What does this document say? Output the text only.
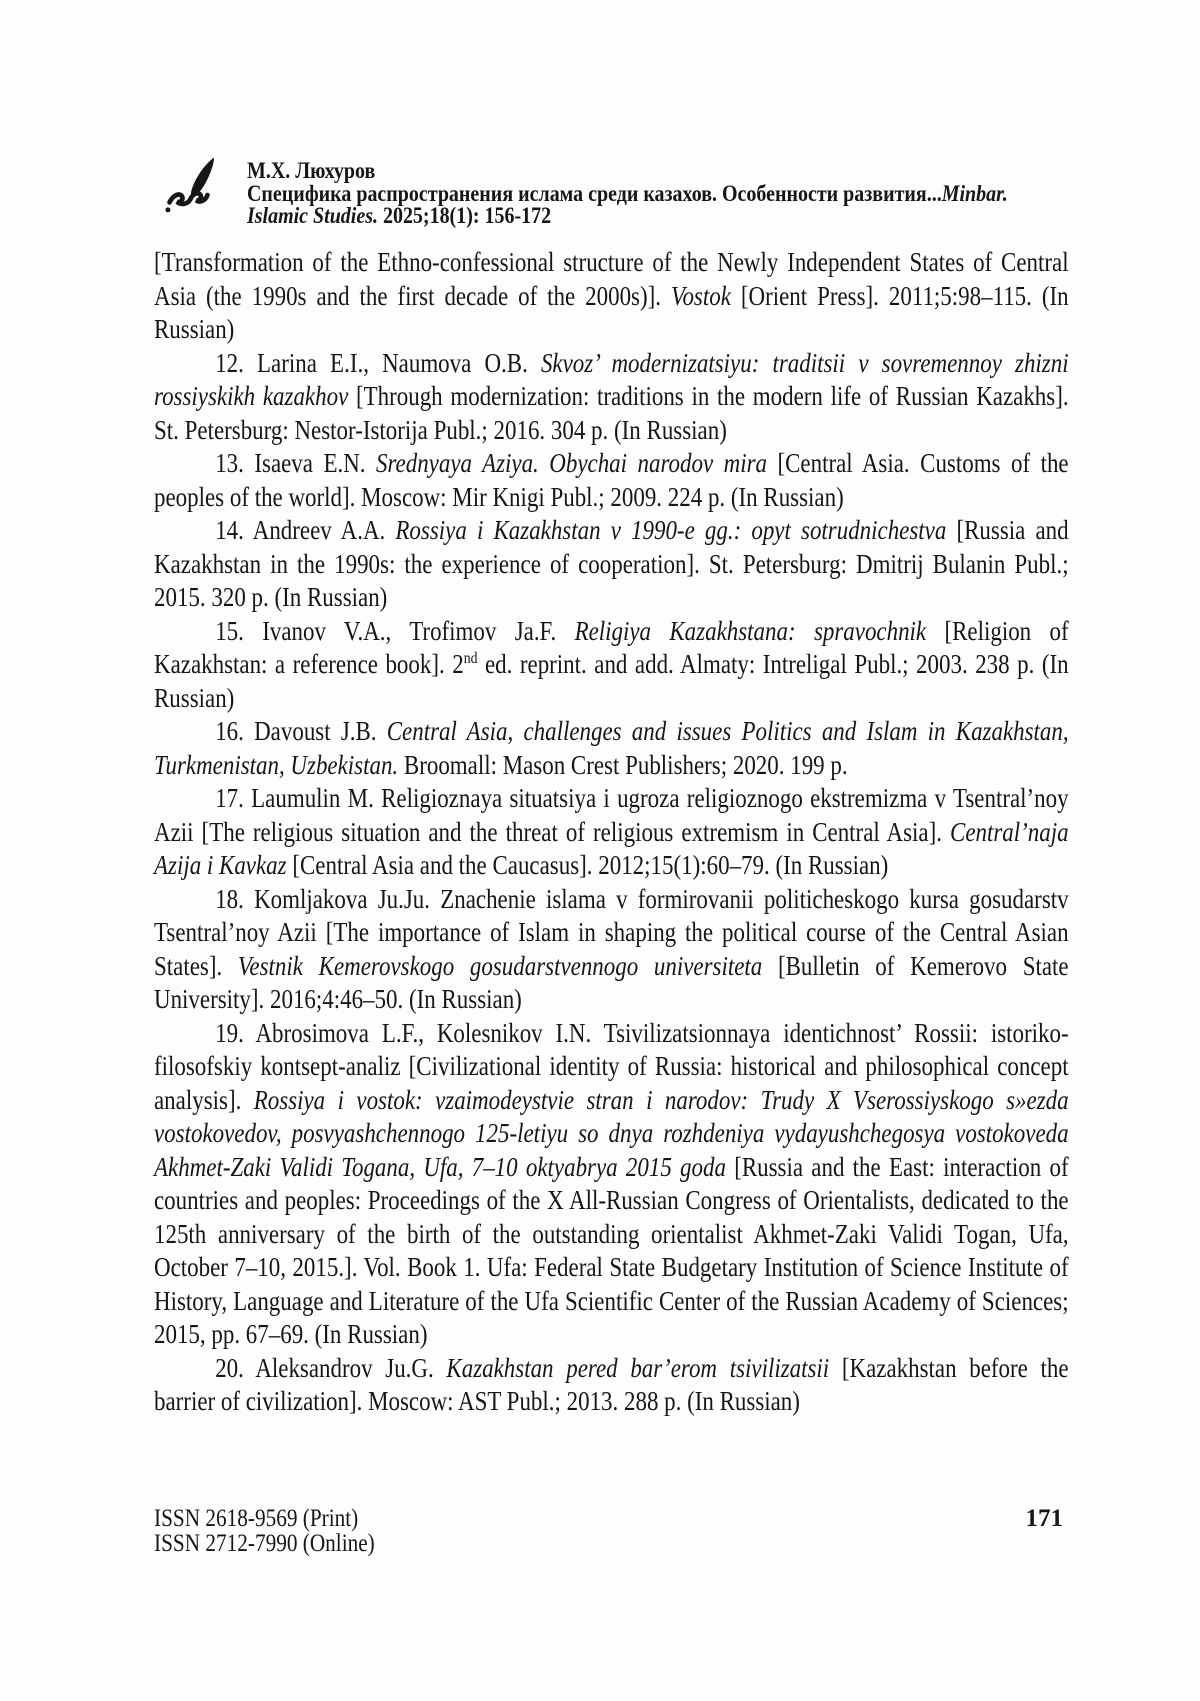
М.Х. Люхуров
Специфика распространения ислама среди казахов. Особенности развития...Minbar.
Islamic Studies. 2025;18(1): 156-172

[Transformation of the Ethno-confessional structure of the Newly Independent States of Central Asia (the 1990s and the first decade of the 2000s)]. Vostok [Orient Press]. 2011;5:98–115. (In Russian)

12. Larina E.I., Naumova O.B. Skvoz’ modernizatsiyu: traditsii v sovremennoy zhizni rossiyskikh kazakhov [Through modernization: traditions in the modern life of Russian Kazakhs]. St. Petersburg: Nestor-Istorija Publ.; 2016. 304 p. (In Russian)

13. Isaeva E.N. Srednyaya Aziya. Obychai narodov mira [Central Asia. Customs of the peoples of the world]. Moscow: Mir Knigi Publ.; 2009. 224 p. (In Russian)

14. Andreev A.A. Rossiya i Kazakhstan v 1990-e gg.: opyt sotrudnichestva [Russia and Kazakhstan in the 1990s: the experience of cooperation]. St. Petersburg: Dmitrij Bulanin Publ.; 2015. 320 p. (In Russian)

15. Ivanov V.A., Trofimov Ja.F. Religiya Kazakhstana: spravochnik [Religion of Kazakhstan: a reference book]. 2nd ed. reprint. and add. Almaty: Intreligal Publ.; 2003. 238 p. (In Russian)

16. Davoust J.B. Central Asia, challenges and issues Politics and Islam in Kazakhstan, Turkmenistan, Uzbekistan. Broomall: Mason Crest Publishers; 2020. 199 p.

17. Laumulin M. Religioznaya situatsiya i ugroza religioznogo ekstremizma v Tsentral’noy Azii [The religious situation and the threat of religious extremism in Central Asia]. Central’naja Azija i Kavkaz [Central Asia and the Caucasus]. 2012;15(1):60–79. (In Russian)

18. Komljakova Ju.Ju. Znachenie islama v formirovanii politicheskogo kursa gosudarstv Tsentral’noy Azii [The importance of Islam in shaping the political course of the Central Asian States]. Vestnik Kemerovskogo gosudarstvennogo universiteta [Bulletin of Kemerovo State University]. 2016;4:46–50. (In Russian)

19. Abrosimova L.F., Kolesnikov I.N. Tsivilizatsionnaya identichnost’ Rossii: istoriko-filosofskiy kontsept-analiz [Civilizational identity of Russia: historical and philosophical concept analysis]. Rossiya i vostok: vzaimodeystvie stran i narodov: Trudy X Vserossiyskogo s»ezda vostokovedov, posvyashchennogo 125-letiyu so dnya rozhdeniya vydayushchegosya vostokoveda Akhmet-Zaki Validi Togana, Ufa, 7–10 oktyabrya 2015 goda [Russia and the East: interaction of countries and peoples: Proceedings of the X All-Russian Congress of Orientalists, dedicated to the 125th anniversary of the birth of the outstanding orientalist Akhmet-Zaki Validi Togan, Ufa, October 7–10, 2015.]. Vol. Book 1. Ufa: Federal State Budgetary Institution of Science Institute of History, Language and Literature of the Ufa Scientific Center of the Russian Academy of Sciences; 2015, pp. 67–69. (In Russian)

20. Aleksandrov Ju.G. Kazakhstan pered bar’erom tsivilizatsii [Kazakhstan before the barrier of civilization]. Moscow: AST Publ.; 2013. 288 p. (In Russian)

ISSN 2618-9569 (Print)
ISSN 2712-7990 (Online)
171
